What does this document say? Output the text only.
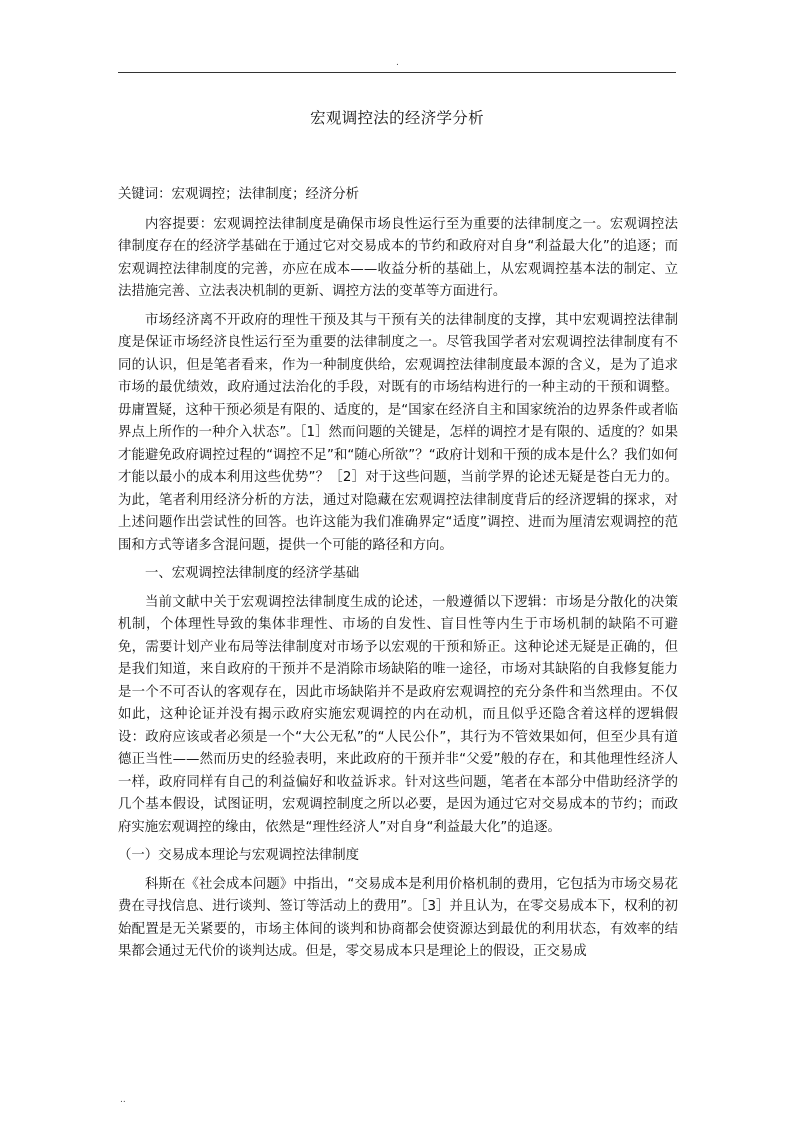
.
宏观调控法的经济学分析

关键词：宏观调控；法律制度；经济分析

内容提要：宏观调控法律制度是确保市场良性运行至为重要的法律制度之一。宏观调控法律制度存在的经济学基础在于通过它对交易成本的节约和政府对自身“利益最大化”的追逐；而宏观调控法律制度的完善，亦应在成本——收益分析的基础上，从宏观调控基本法的制定、立法措施完善、立法表决机制的更新、调控方法的变革等方面进行。

市场经济离不开政府的理性干预及其与干预有关的法律制度的支撑，其中宏观调控法律制度是保证市场经济良性运行至为重要的法律制度之一。尽管我国学者对宏观调控法律制度有不同的认识，但是笔者看来，作为一种制度供给，宏观调控法律制度最本源的含义，是为了追求市场的最优绩效，政府通过法治化的手段，对既有的市场结构进行的一种主动的干预和调整。毋庸置疑，这种干预必须是有限的、适度的，是“国家在经济自主和国家统治的边界条件或者临界点上所作的一种介入状态”。［1］然而问题的关键是，怎样的调控才是有限的、适度的？如果才能避免政府调控过程的“调控不足”和“随心所欲”？“政府计划和干预的成本是什么？我们如何才能以最小的成本利用这些优势”？［2］对于这些问题，当前学界的论述无疑是苍白无力的。为此，笔者利用经济分析的方法，通过对隐藏在宏观调控法律制度背后的经济逻辑的探求，对上述问题作出尝试性的回答。也许这能为我们准确界定“适度”调控、进而为厘清宏观调控的范围和方式等诸多含混问题，提供一个可能的路径和方向。

一、宏观调控法律制度的经济学基础

当前文献中关于宏观调控法律制度生成的论述，一般遵循以下逻辑：市场是分散化的决策机制，个体理性导致的集体非理性、市场的自发性、盲目性等内生于市场机制的缺陷不可避免，需要计划产业布局等法律制度对市场予以宏观的干预和矫正。这种论述无疑是正确的，但是我们知道，来自政府的干预并不是消除市场缺陷的唯一途径，市场对其缺陷的自我修复能力是一个不可否认的客观存在，因此市场缺陷并不是政府宏观调控的充分条件和当然理由。不仅如此，这种论证并没有揭示政府实施宏观调控的内在动机，而且似乎还隐含着这样的逻辑假设：政府应该或者必须是一个“大公无私”的“人民公仆”，其行为不管效果如何，但至少具有道德正当性——然而历史的经验表明，来此政府的干预并非“父爱”般的存在，和其他理性经济人一样，政府同样有自己的利益偏好和收益诉求。针对这些问题，笔者在本部分中借助经济学的几个基本假设，试图证明，宏观调控制度之所以必要，是因为通过它对交易成本的节约；而政府实施宏观调控的缘由，依然是“理性经济人”对自身“利益最大化”的追逐。

（一）交易成本理论与宏观调控法律制度

科斯在《社会成本问题》中指出，“交易成本是利用价格机制的费用，它包括为市场交易花费在寻找信息、进行谈判、签订等活动上的费用”。［3］并且认为，在零交易成本下，权利的初始配置是无关紧要的，市场主体间的谈判和协商都会使资源达到最优的利用状态，有效率的结果都会通过无代价的谈判达成。但是，零交易成本只是理论上的假设，正交易成

..
